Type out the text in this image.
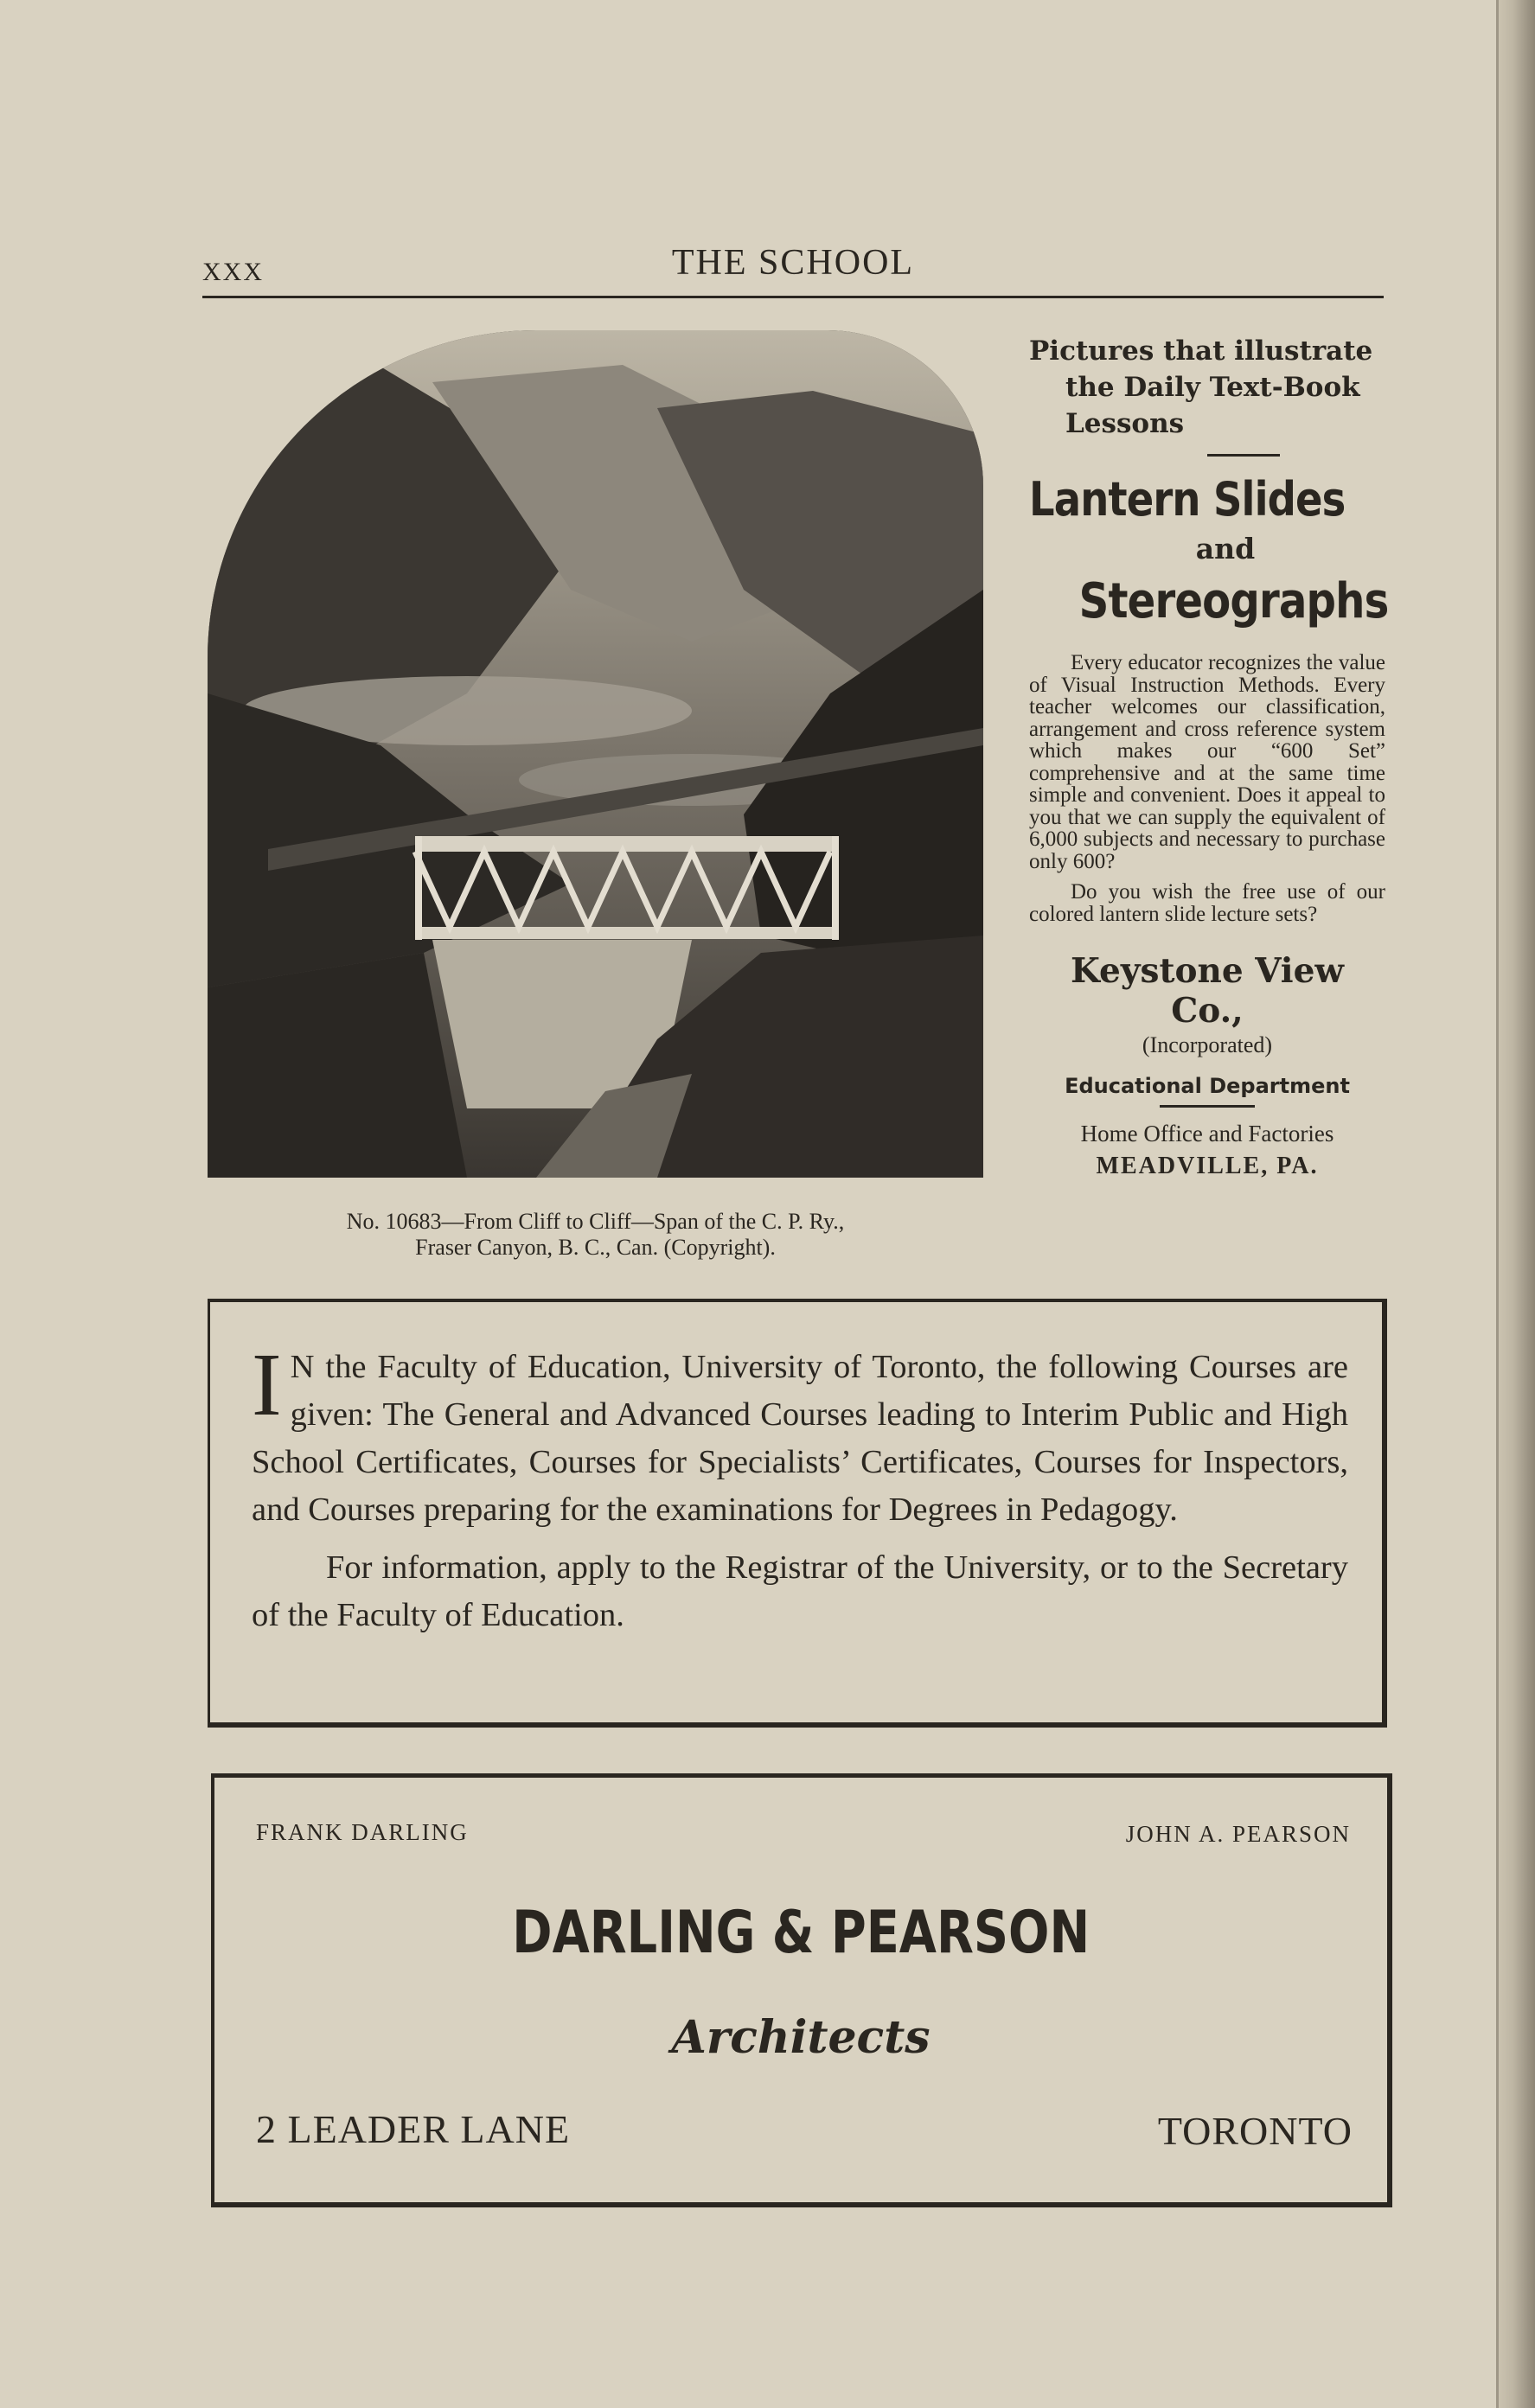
XXX	THE SCHOOL
No. 10683—From Cliff to Cliff—Span of the C. P. Ry.,
Fraser Canyon, B. C., Can. (Copyright).
Pictures that illustrate
the Daily Text-Book
Lessons
Lantern Slides
and
Stereographs

Every educator recognizes the value of Visual Instruction Methods. Every teacher welcomes our classification, arrangement and cross reference system which makes our “600 Set” comprehensive and at the same time simple and convenient. Does it appeal to you that we can supply the equivalent of 6,000 subjects and necessary to purchase only 600?

Do you wish the free use of our colored lantern slide lecture sets?

Keystone View Co.,
(Incorporated)
Educational Department
Home Office and Factories
MEADVILLE, PA.

I N the Faculty of Education, University of Toronto, the following Courses are given: The General and Advanced Courses leading to Interim Public and High School Certificates, Courses for Specialists’ Certificates, Courses for Inspectors, and Courses preparing for the examinations for Degrees in Pedagogy.

For information, apply to the Registrar of the University, or to the Secretary of the Faculty of Education.

FRANK DARLING	JOHN A. PEARSON
DARLING & PEARSON
Architects
2 LEADER LANE	TORONTO
